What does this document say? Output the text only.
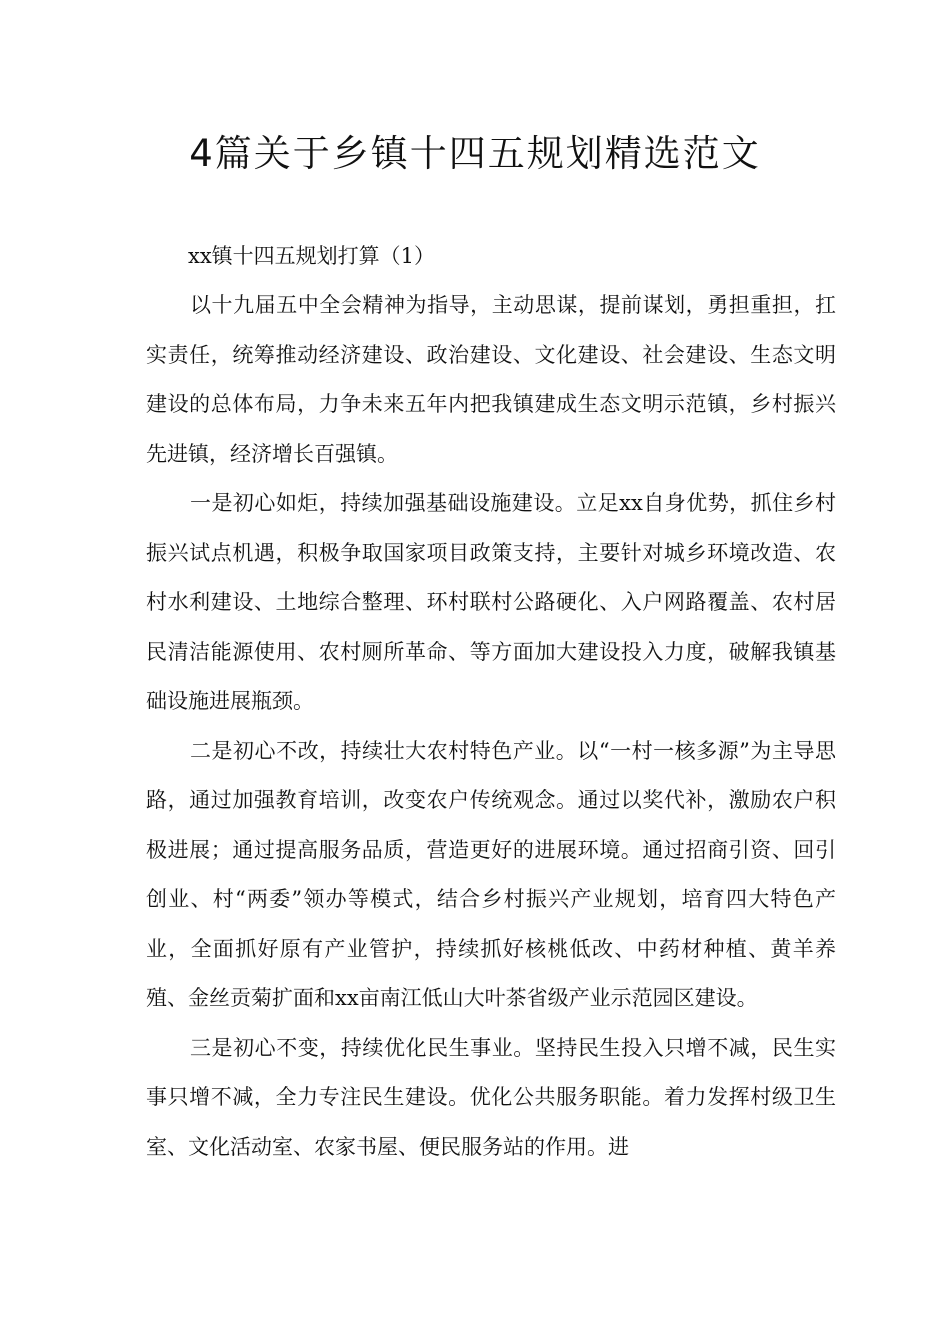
4篇关于乡镇十四五规划精选范文

xx镇十四五规划打算（1）

以十九届五中全会精神为指导，主动思谋，提前谋划，勇担重担，扛实责任，统筹推动经济建设、政治建设、文化建设、社会建设、生态文明建设的总体布局，力争未来五年内把我镇建成生态文明示范镇，乡村振兴先进镇，经济增长百强镇。

一是初心如炬，持续加强基础设施建设。立足xx自身优势，抓住乡村振兴试点机遇，积极争取国家项目政策支持，主要针对城乡环境改造、农村水利建设、土地综合整理、环村联村公路硬化、入户网路覆盖、农村居民清洁能源使用、农村厕所革命、等方面加大建设投入力度，破解我镇基础设施进展瓶颈。

二是初心不改，持续壮大农村特色产业。以“一村一核多源”为主导思路，通过加强教育培训，改变农户传统观念。通过以奖代补，激励农户积极进展；通过提高服务品质，营造更好的进展环境。通过招商引资、回引创业、村“两委”领办等模式，结合乡村振兴产业规划，培育四大特色产业，全面抓好原有产业管护，持续抓好核桃低改、中药材种植、黄羊养殖、金丝贡菊扩面和xx亩南江低山大叶茶省级产业示范园区建设。

三是初心不变，持续优化民生事业。坚持民生投入只增不减，民生实事只增不减，全力专注民生建设。优化公共服务职能。着力发挥村级卫生室、文化活动室、农家书屋、便民服务站的作用。进
